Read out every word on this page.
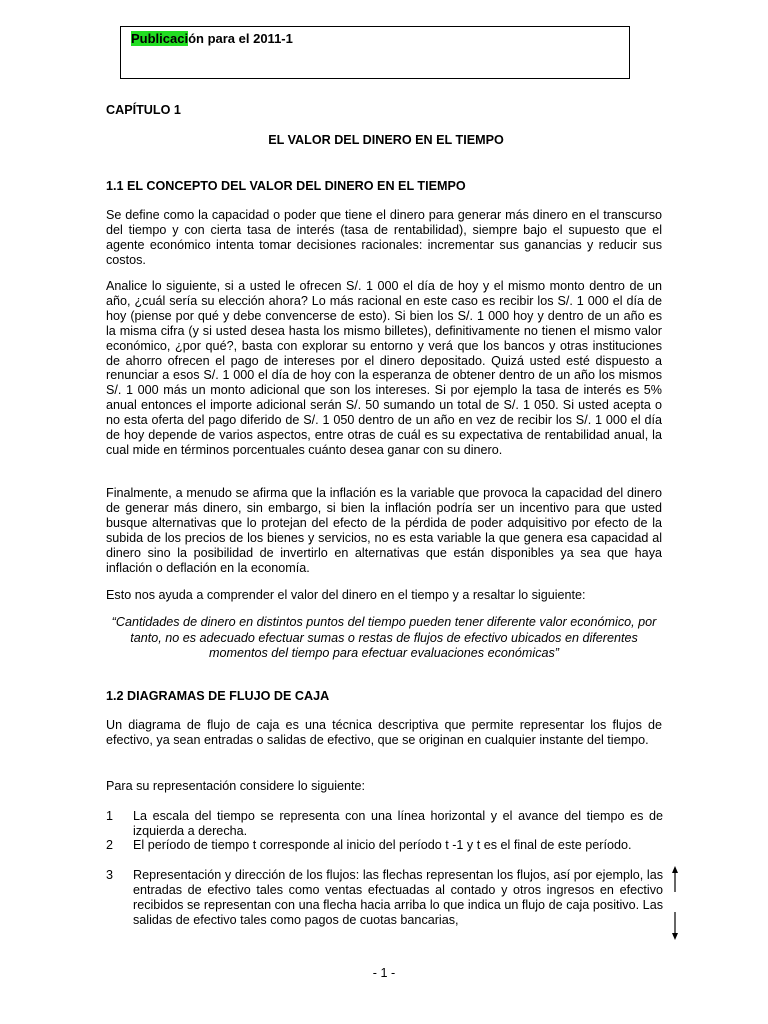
Publicación para el 2011-1
CAPÍTULO 1
EL VALOR DEL DINERO EN EL TIEMPO
1.1 EL CONCEPTO DEL VALOR DEL DINERO EN EL TIEMPO

Se define como la capacidad o poder que tiene el dinero para generar más dinero en el transcurso del tiempo y con cierta tasa de interés (tasa de rentabilidad), siempre bajo el supuesto que el agente económico intenta tomar decisiones racionales: incrementar sus ganancias y reducir sus costos.

Analice lo siguiente, si a usted le ofrecen S/. 1 000 el día de hoy y el mismo monto dentro de un año, ¿cuál sería su elección ahora? Lo más racional en este caso es recibir los S/. 1 000 el día de hoy (piense por qué y debe convencerse de esto). Si bien los S/. 1 000 hoy y dentro de un año es la misma cifra (y si usted desea hasta los mismo billetes), definitivamente no tienen el mismo valor económico, ¿por qué?, basta con explorar su entorno y verá que los bancos y otras instituciones de ahorro ofrecen el pago de intereses por el dinero depositado. Quizá usted esté dispuesto a renunciar a esos S/. 1 000 el día de hoy con la esperanza de obtener dentro de un año los mismos S/. 1 000 más un monto adicional que son los intereses. Si por ejemplo la tasa de interés es 5% anual entonces el importe adicional serán S/. 50 sumando un total de S/. 1 050. Si usted acepta o no esta oferta del pago diferido de S/. 1 050 dentro de un año en vez de recibir los S/. 1 000 el día de hoy depende de varios aspectos, entre otras de cuál es su expectativa de rentabilidad anual, la cual mide en términos porcentuales cuánto desea ganar con su dinero.

Finalmente, a menudo se afirma que la inflación es la variable que provoca la capacidad del dinero de generar más dinero, sin embargo, si bien la inflación podría ser un incentivo para que usted busque alternativas que lo protejan del efecto de la pérdida de poder adquisitivo por efecto de la subida de los precios de los bienes y servicios, no es esta variable la que genera esa capacidad al dinero sino la posibilidad de invertirlo en alternativas que están disponibles ya sea que haya inflación o deflación en la economía.

Esto nos ayuda a comprender el valor del dinero en el tiempo y a resaltar lo siguiente:

“Cantidades de dinero en distintos puntos del tiempo pueden tener diferente valor económico, por tanto, no es adecuado efectuar sumas o restas de flujos de efectivo ubicados en diferentes momentos del tiempo para efectuar evaluaciones económicas”

1.2 DIAGRAMAS DE FLUJO DE CAJA

Un diagrama de flujo de caja es una técnica descriptiva que permite representar los flujos de efectivo, ya sean entradas o salidas de efectivo, que se originan en cualquier instante del tiempo.

Para su representación considere lo siguiente:

1 La escala del tiempo se representa con una línea horizontal y el avance del tiempo es de izquierda a derecha.

2 El período de tiempo t corresponde al inicio del período t -1 y t es el final de este período.

3 Representación y dirección de los flujos: las flechas representan los flujos, así por ejemplo, las entradas de efectivo tales como ventas efectuadas al contado y otros ingresos en efectivo recibidos se representan con una flecha hacia arriba lo que indica un flujo de caja positivo. Las salidas de efectivo tales como pagos de cuotas bancarias,

- 1 -
